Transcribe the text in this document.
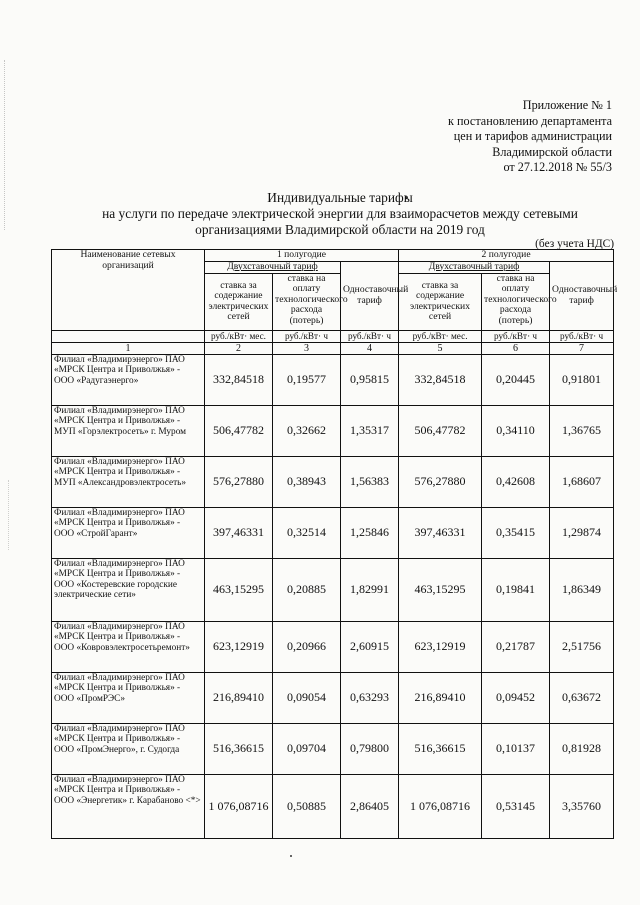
Приложение № 1
к постановлению департамента
цен и тарифов администрации
Владимирской области
от 27.12.2018 № 55/3
Индивидуальные тарифы
на услуги по передаче электрической энергии для взаиморасчетов между сетевыми
организациями Владимирской области на 2019 год
(без учета НДС)
Наименование сетевых организаций	1 полугодие			2 полугодие		
	Двухставочный тариф		Одноставочный тариф	Двухставочный тариф		Одноставочный тариф
	ставка за содержание электрических сетей	ставка на оплату технологического расхода (потерь)		ставка за содержание электрических сетей	ставка на оплату технологического расхода (потерь)	
	руб./кВт· мес.	руб./кВт· ч	руб./кВт· ч	руб./кВт· мес.	руб./кВт· ч	руб./кВт· ч
1	2	3	4	5	6	7
Филиал «Владимирэнерго» ПАО «МРСК Центра и Приволжья» - ООО «Радугаэнерго»	332,84518	0,19577	0,95815	332,84518	0,20445	0,91801
Филиал «Владимирэнерго» ПАО «МРСК Центра и Приволжья» - МУП «Горэлектросеть» г. Муром	506,47782	0,32662	1,35317	506,47782	0,34110	1,36765
Филиал «Владимирэнерго» ПАО «МРСК Центра и Приволжья» - МУП «Александровэлектросеть»	576,27880	0,38943	1,56383	576,27880	0,42608	1,68607
Филиал «Владимирэнерго» ПАО «МРСК Центра и Приволжья» - ООО «СтройГарант»	397,46331	0,32514	1,25846	397,46331	0,35415	1,29874
Филиал «Владимирэнерго» ПАО «МРСК Центра и Приволжья» - ООО «Костеревские городские электрические сети»	463,15295	0,20885	1,82991	463,15295	0,19841	1,86349
Филиал «Владимирэнерго» ПАО «МРСК Центра и Приволжья» - ООО «Ковровэлектросетьремонт»	623,12919	0,20966	2,60915	623,12919	0,21787	2,51756
Филиал «Владимирэнерго» ПАО «МРСК Центра и Приволжья» - ООО «ПромРЭС»	216,89410	0,09054	0,63293	216,89410	0,09452	0,63672
Филиал «Владимирэнерго» ПАО «МРСК Центра и Приволжья» - ООО «ПромЭнерго», г. Судогда	516,36615	0,09704	0,79800	516,36615	0,10137	0,81928
Филиал «Владимирэнерго» ПАО «МРСК Центра и Приволжья» - ООО «Энергетик» г. Карабаново <*>	1 076,08716	0,50885	2,86405	1 076,08716	0,53145	3,35760
